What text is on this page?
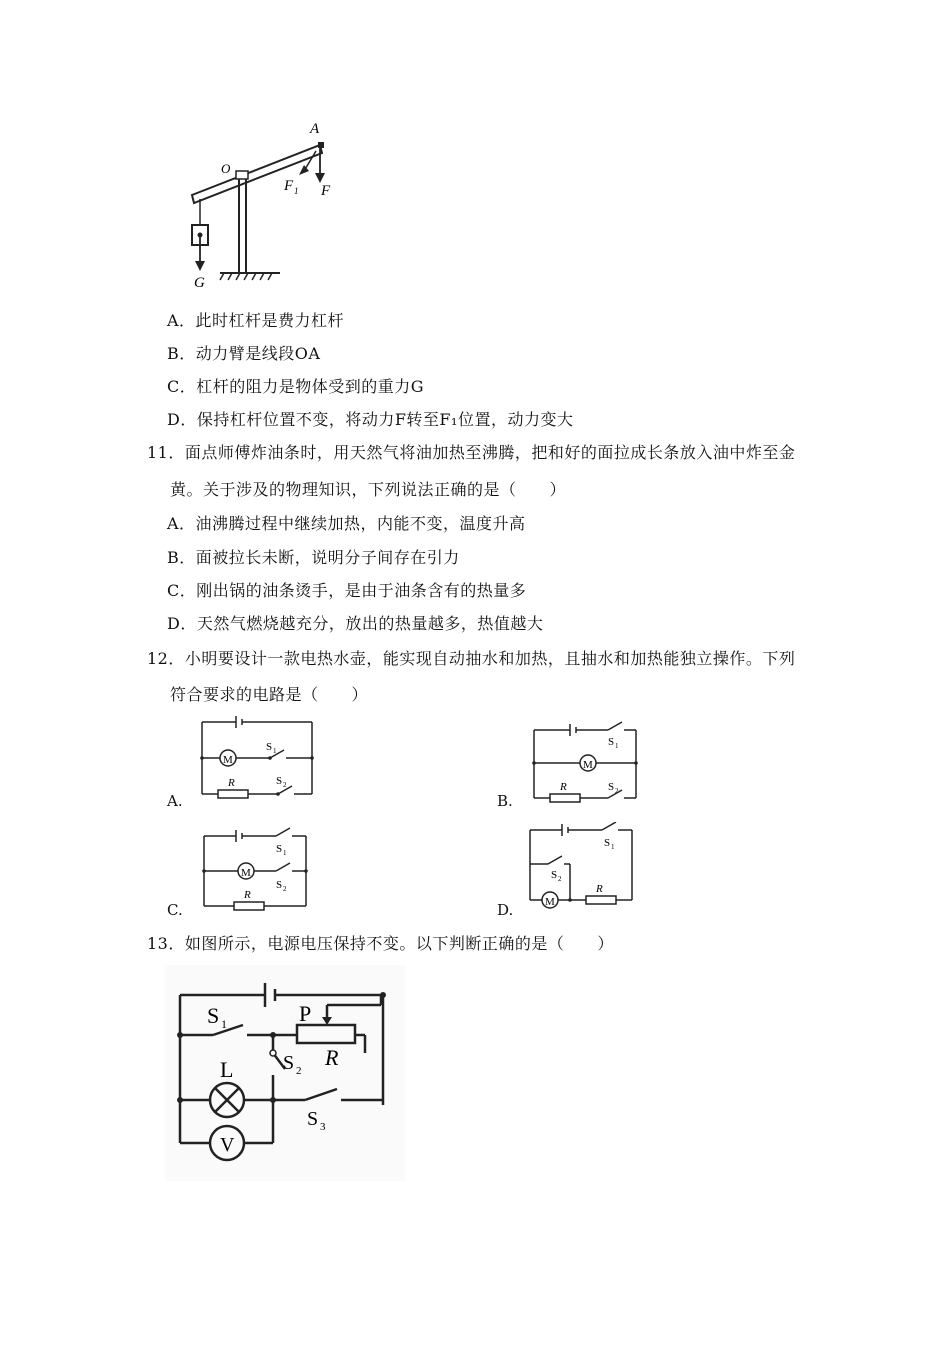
A
O
F 1 F
G
A．此时杠杆是费力杠杆
B．动力臂是线段OA
C．杠杆的阻力是物体受到的重力G
D．保持杠杆位置不变，将动力F转至F₁位置，动力变大
11．面点师傅炸油条时，用天然气将油加热至沸腾，把和好的面拉成长条放入油中炸至金
黄。关于涉及的物理知识，下列说法正确的是（　　）
A．油沸腾过程中继续加热，内能不变，温度升高
B．面被拉长未断，说明分子间存在引力
C．刚出锅的油条烫手，是由于油条含有的热量多
D．天然气燃烧越充分，放出的热量越多，热值越大
12．小明要设计一款电热水壶，能实现自动抽水和加热，且抽水和加热能独立操作。下列
符合要求的电路是（　　）
A.
M
S 1
R	S 2
B.
M
S 1
R	S 2
C.
M
S 1
R
S 2
D.	M
S 1
S 2
R
13．如图所示，电源电压保持不变。以下判断正确的是（　　）
S 1	P
R
S 2
L
S 3
V
